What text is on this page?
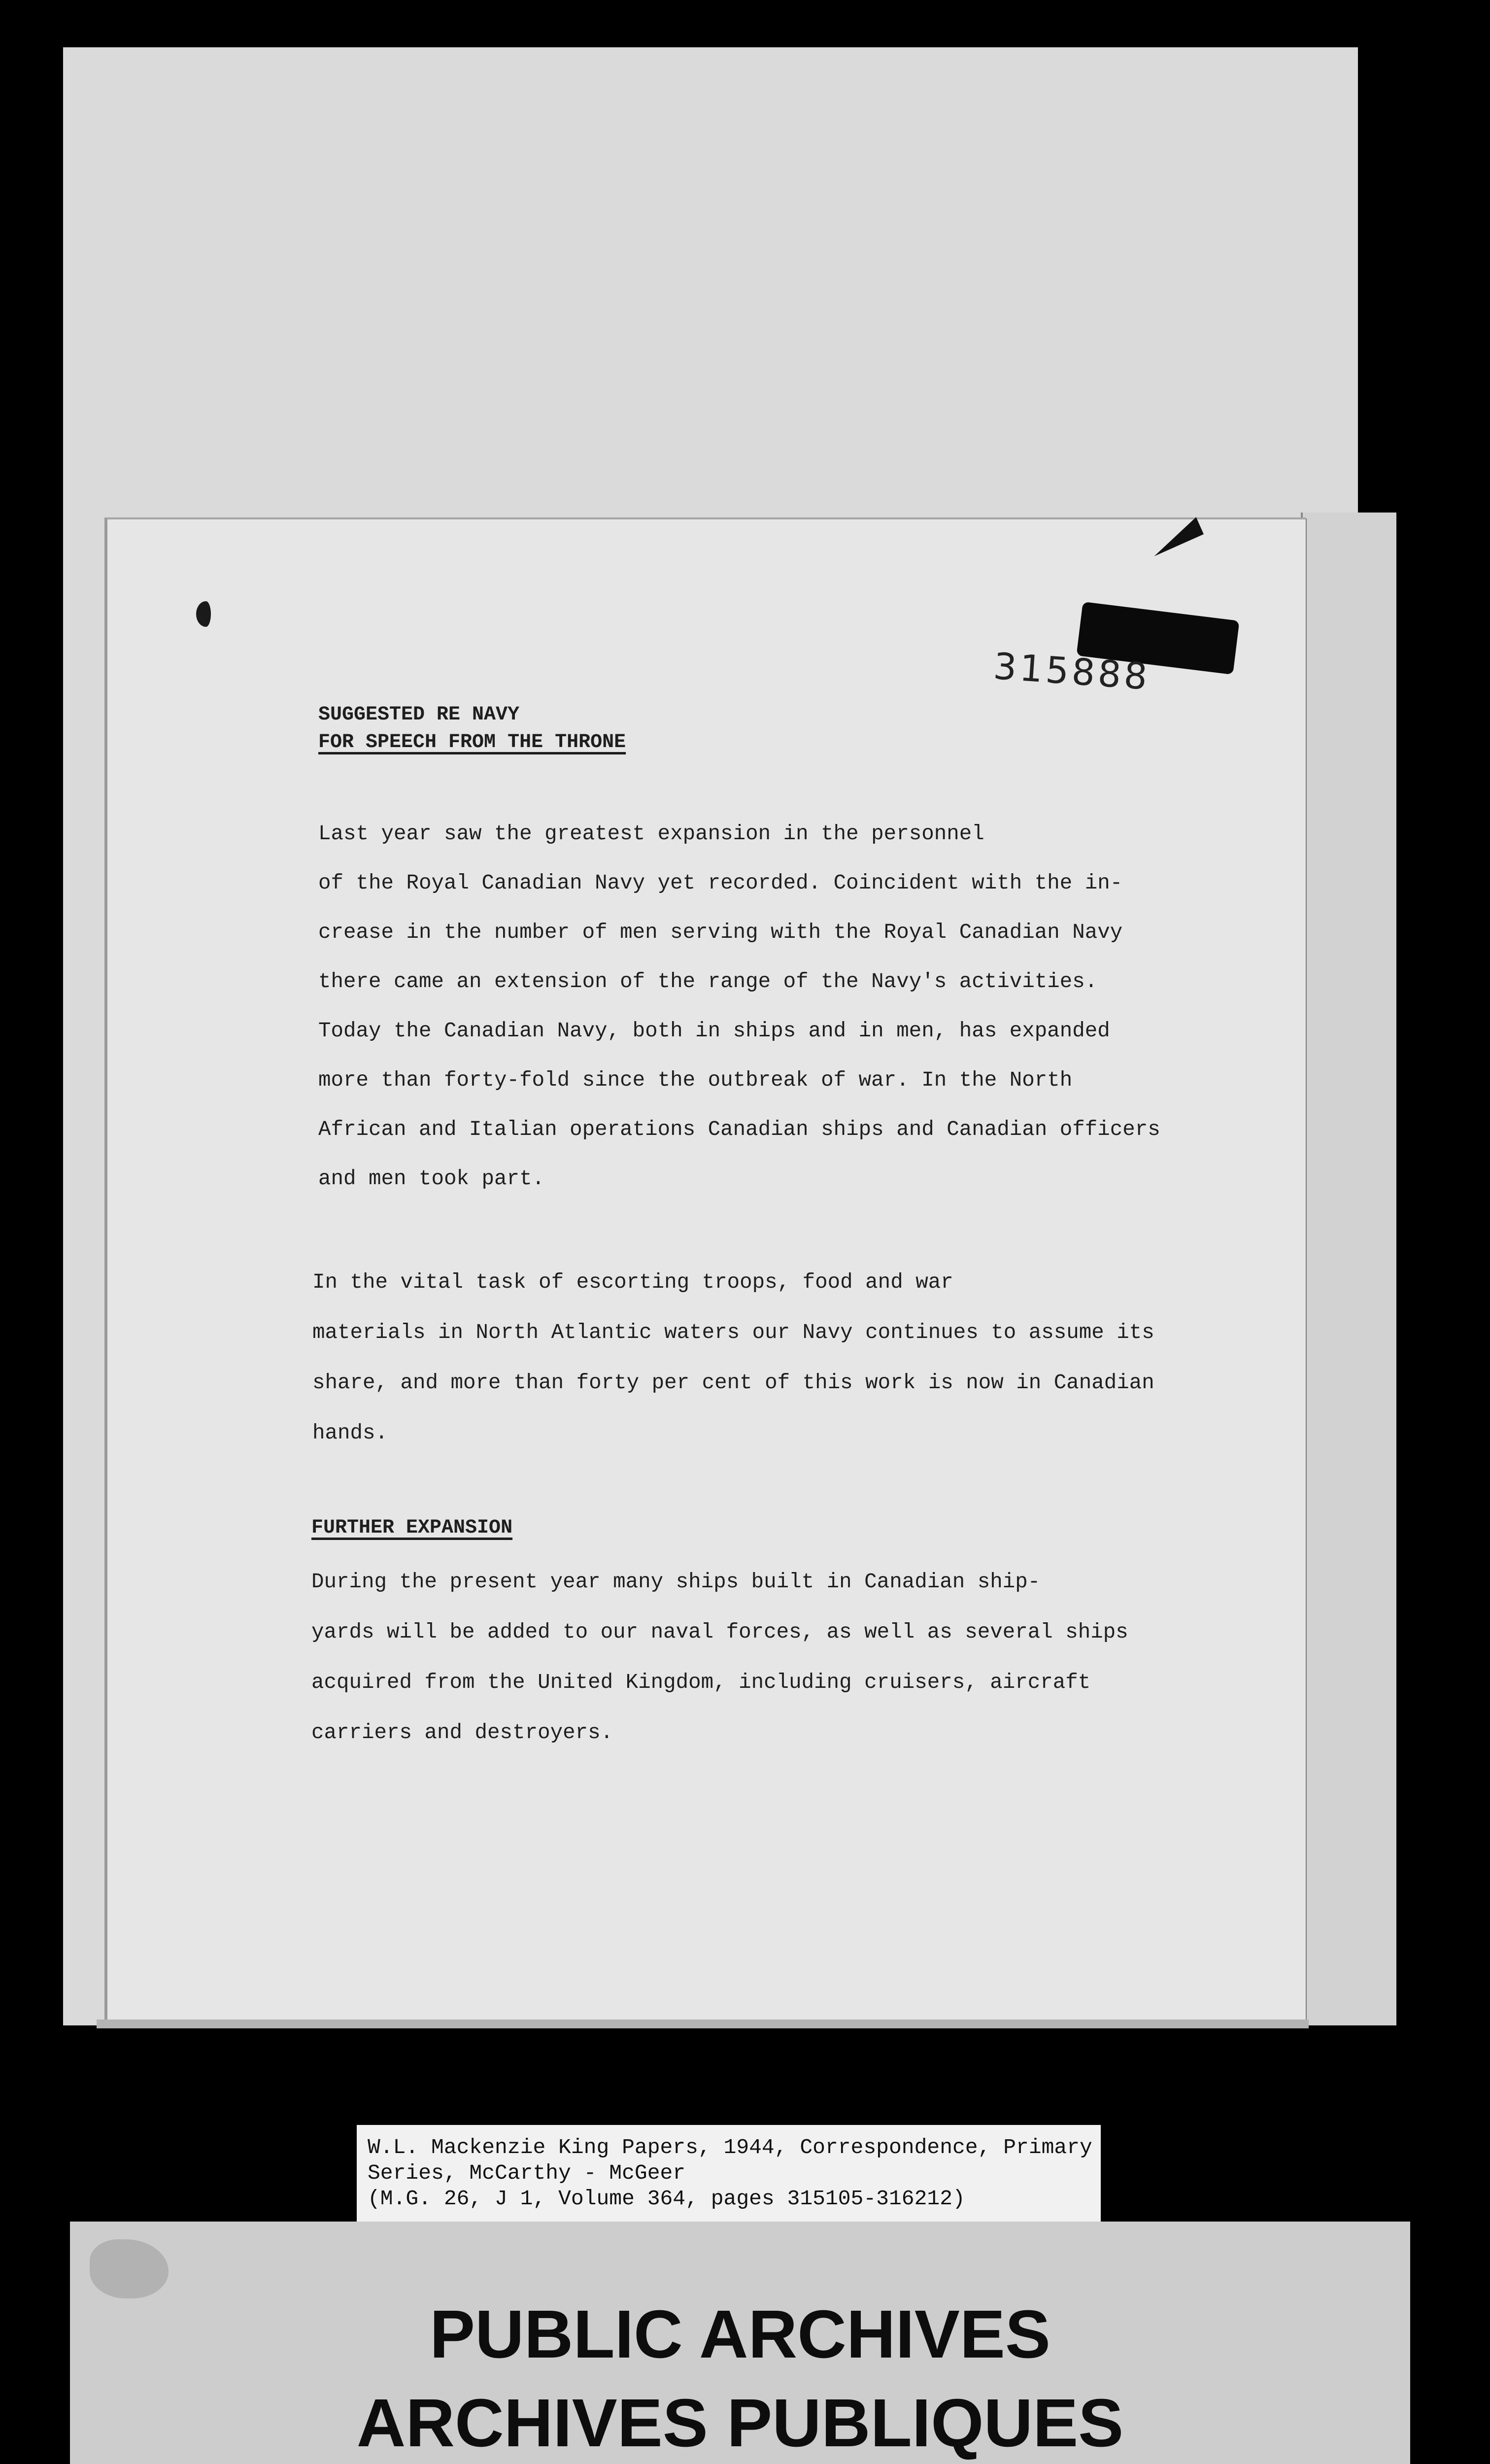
315888
SUGGESTED RE NAVY
FOR SPEECH FROM THE THRONE
Last year saw the greatest expansion in the personnel
of the Royal Canadian Navy yet recorded. Coincident with the in-
crease in the number of men serving with the Royal Canadian Navy
there came an extension of the range of the Navy's activities.
Today the Canadian Navy, both in ships and in men, has expanded
more than forty-fold since the outbreak of war. In the North
African and Italian operations Canadian ships and Canadian officers
and men took part.
In the vital task of escorting troops, food and war
materials in North Atlantic waters our Navy continues to assume its
share, and more than forty per cent of this work is now in Canadian
hands.
FURTHER EXPANSION
During the present year many ships built in Canadian ship-
yards will be added to our naval forces, as well as several ships
acquired from the United Kingdom, including cruisers, aircraft
carriers and destroyers.
W.L. Mackenzie King Papers, 1944, Correspondence, Primary
Series, McCarthy - McGeer
(M.G. 26, J 1, Volume 364, pages 315105-316212)
PUBLIC ARCHIVES
ARCHIVES PUBLIQUES
